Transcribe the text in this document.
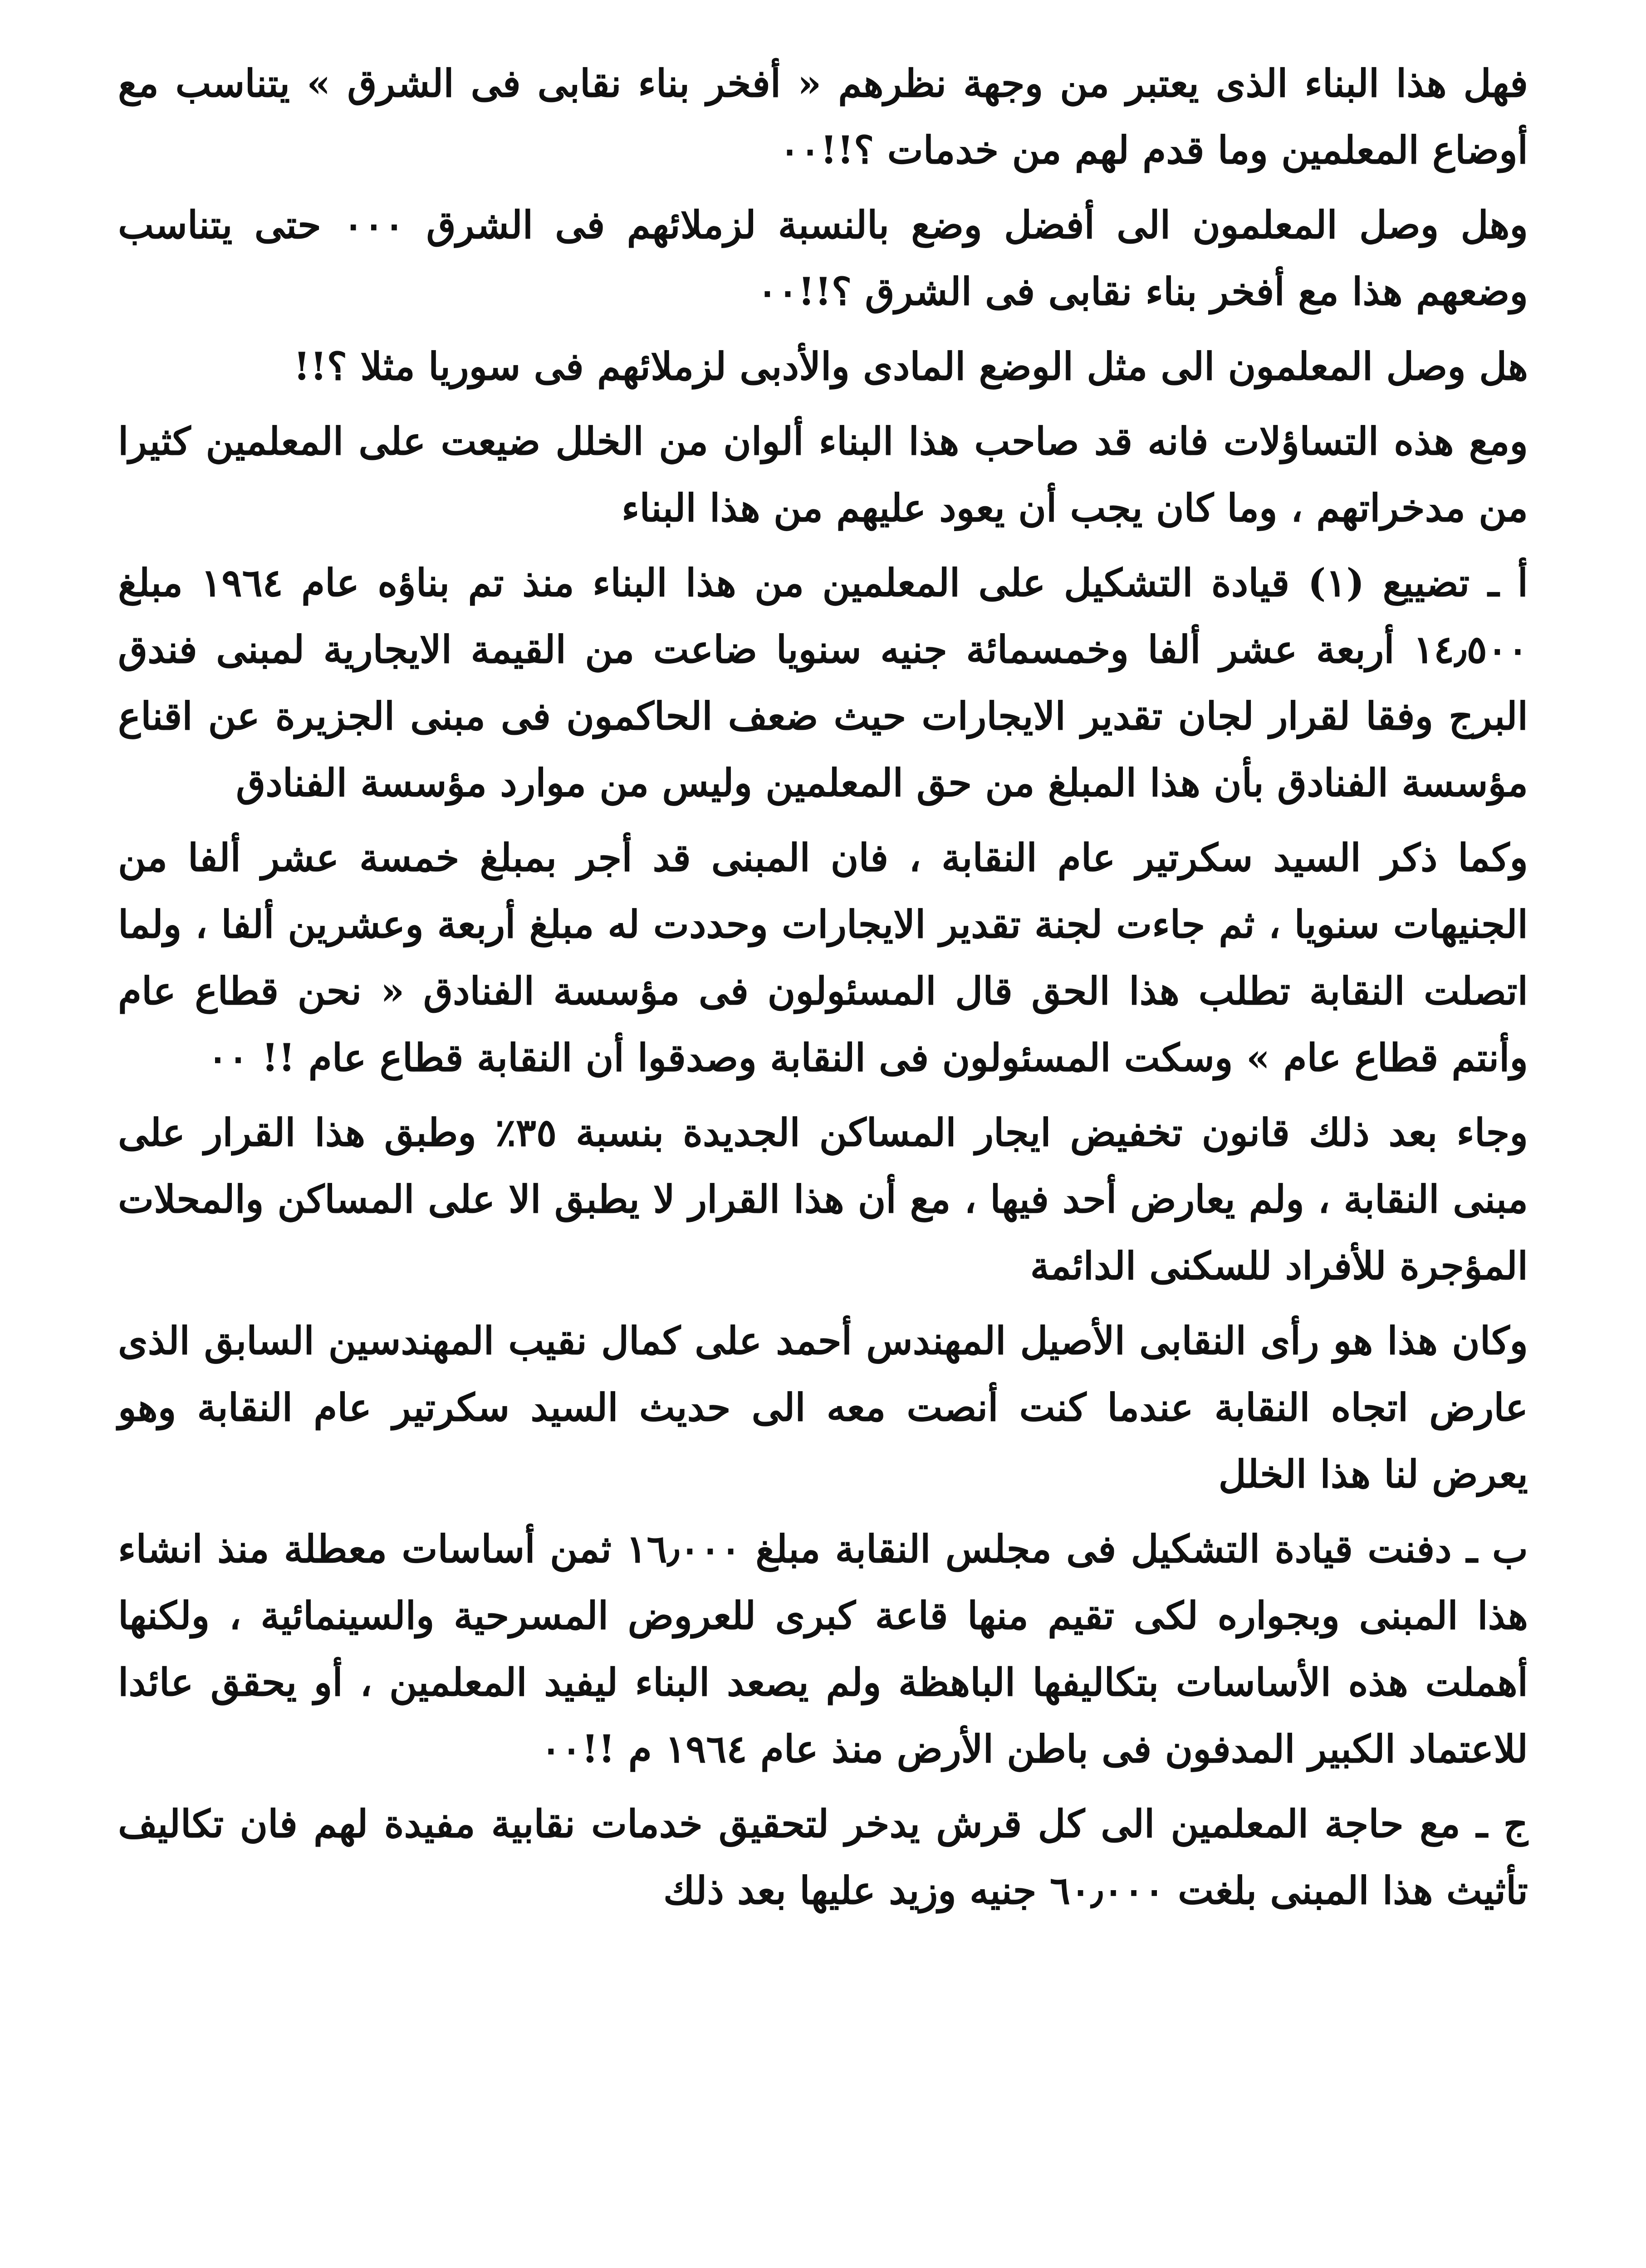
فهل هذا البناء الذى يعتبر من وجهة نظرهم « أفخر بناء نقابى فى الشرق » يتناسب مع أوضاع المعلمين وما قدم لهم من خدمات ؟!!٠٠

وهل وصل المعلمون الى أفضل وضع بالنسبة لزملائهم فى الشرق ٠٠٠ حتى يتناسب وضعهم هذا مع أفخر بناء نقابى فى الشرق ؟!!٠٠

هل وصل المعلمون الى مثل الوضع المادى والأدبى لزملائهم فى سوريا مثلا ؟!!

ومع هذه التساؤلات فانه قد صاحب هذا البناء ألوان من الخلل ضيعت على المعلمين كثيرا من مدخراتهم ، وما كان يجب أن يعود عليهم من هذا البناء

أ ـ تضييع (١) قيادة التشكيل على المعلمين من هذا البناء منذ تم بناؤه عام ١٩٦٤ مبلغ ١٤٫٥٠٠ أربعة عشر ألفا وخمسمائة جنيه سنويا ضاعت من القيمة الايجارية لمبنى فندق البرج وفقا لقرار لجان تقدير الايجارات حيث ضعف الحاكمون فى مبنى الجزيرة عن اقناع مؤسسة الفنادق بأن هذا المبلغ من حق المعلمين وليس من موارد مؤسسة الفنادق

وكما ذكر السيد سكرتير عام النقابة ، فان المبنى قد أجر بمبلغ خمسة عشر ألفا من الجنيهات سنويا ، ثم جاءت لجنة تقدير الايجارات وحددت له مبلغ أربعة وعشرين ألفا ، ولما اتصلت النقابة تطلب هذا الحق قال المسئولون فى مؤسسة الفنادق « نحن قطاع عام وأنتم قطاع عام » وسكت المسئولون فى النقابة وصدقوا أن النقابة قطاع عام !! ٠٠

وجاء بعد ذلك قانون تخفيض ايجار المساكن الجديدة بنسبة ٣٥٪ وطبق هذا القرار على مبنى النقابة ، ولم يعارض أحد فيها ، مع أن هذا القرار لا يطبق الا على المساكن والمحلات المؤجرة للأفراد للسكنى الدائمة

وكان هذا هو رأى النقابى الأصيل المهندس أحمد على كمال نقيب المهندسين السابق الذى عارض اتجاه النقابة عندما كنت أنصت معه الى حديث السيد سكرتير عام النقابة وهو يعرض لنا هذا الخلل

ب ـ دفنت قيادة التشكيل فى مجلس النقابة مبلغ ١٦٫٠٠٠ ثمن أساسات معطلة منذ انشاء هذا المبنى وبجواره لكى تقيم منها قاعة كبرى للعروض المسرحية والسينمائية ، ولكنها أهملت هذه الأساسات بتكاليفها الباهظة ولم يصعد البناء ليفيد المعلمين ، أو يحقق عائدا للاعتماد الكبير المدفون فى باطن الأرض منذ عام ١٩٦٤ م !!٠٠

ج ـ مع حاجة المعلمين الى كل قرش يدخر لتحقيق خدمات نقابية مفيدة لهم فان تكاليف تأثيث هذا المبنى بلغت ٦٠٫٠٠٠ جنيه وزيد عليها بعد ذلك
